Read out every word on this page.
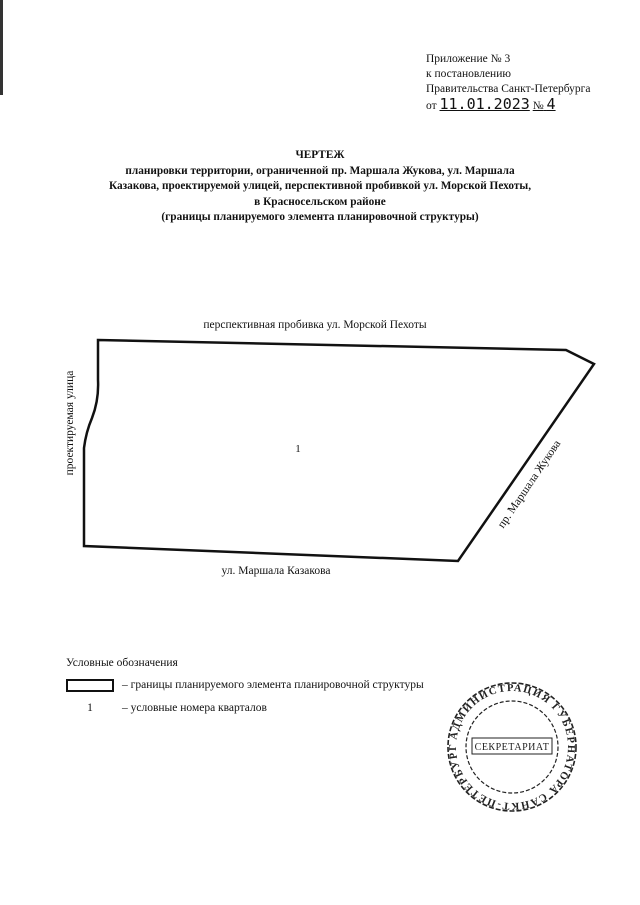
Приложение № 3
к постановлению
Правительства Санкт-Петербурга
от 11.01.2023 № 4
ЧЕРТЕЖ
планировки территории, ограниченной пр. Маршала Жукова, ул. Маршала
Казакова, проектируемой улицей, перспективной пробивкой ул. Морской Пехоты,
в Красносельском районе
(границы планируемого элемента планировочной структуры)
перспективная пробивка ул. Морской Пехоты
проектируемая улица
пр. Маршала Жукова
ул. Маршала Казакова
1
Условные обозначения
– границы планируемого элемента планировочной структуры
1	– условные номера кварталов
АДМИНИСТРАЦИЯ ГУБЕРНАТОРА САНКТ-ПЕТЕРБУРГ	СЕКРЕТАРИАТ
